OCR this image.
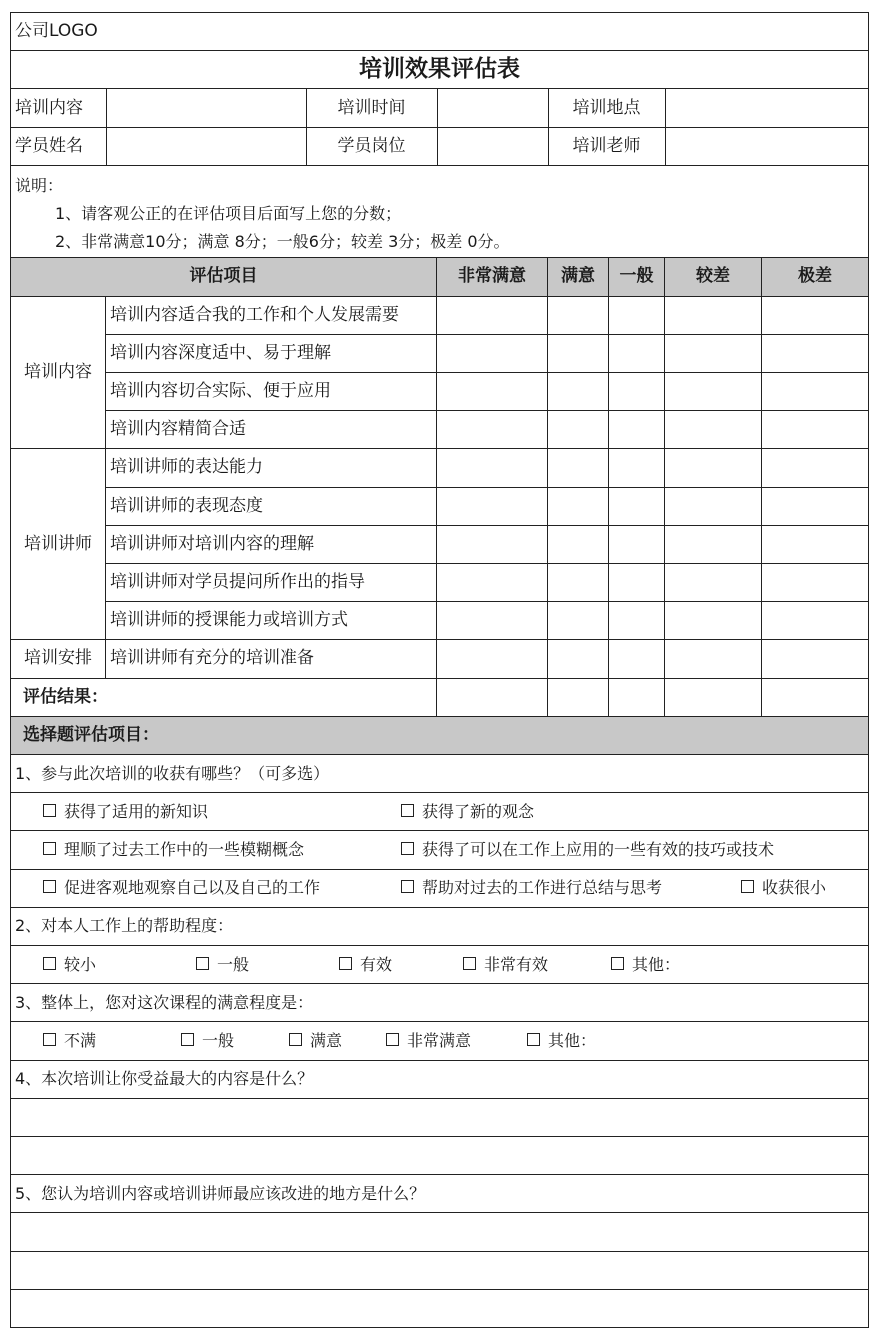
公司LOGO
培训效果评估表

培训内容		培训时间		培训地点	

学员姓名		学员岗位		培训老师	

说明：
1、请客观公正的在评估项目后面写上您的分数；
2、非常满意10分；满意 8分；一般6分；较差 3分；极差 0分。

评估项目	非常满意	满意	一般	较差	极差
培训内容	培训内容适合我的工作和个人发展需要					
培训内容深度适中、易于理解					
培训内容切合实际、便于应用					
培训内容精简合适					
培训讲师	培训讲师的表达能力					
培训讲师的表现态度					
培训讲师对培训内容的理解					
培训讲师对学员提问所作出的指导					
培训讲师的授课能力或培训方式					
培训安排	培训讲师有充分的培训准备					
评估结果：					
选择题评估项目：
1、参与此次培训的收获有哪些？（可多选）

获得了适用的新知识	获得了新的观念

理顺了过去工作中的一些模糊概念	获得了可以在工作上应用的一些有效的技巧或技术

促进客观地观察自己以及自己的工作	帮助对过去的工作进行总结与思考	收获很小

2、对本人工作上的帮助程度：

较小	一般	有效	非常有效	其他：

3、整体上，您对这次课程的满意程度是：

不满	一般	满意	非常满意	其他：

4、本次培训让你受益最大的内容是什么？

5、您认为培训内容或培训讲师最应该改进的地方是什么？
